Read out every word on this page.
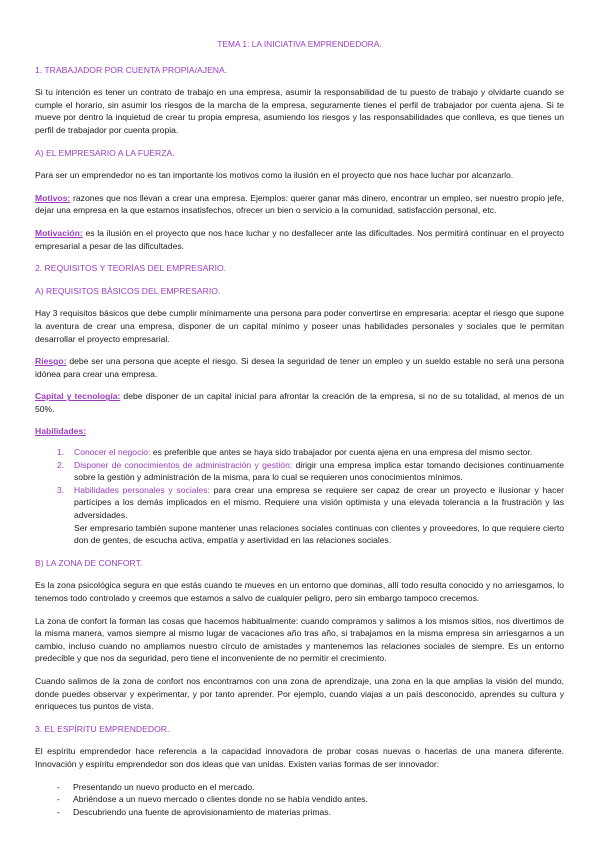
TEMA 1: LA INICIATIVA EMPRENDEDORA.
1. TRABAJADOR POR CUENTA PROPIA/AJENA.
Si tu intención es tener un contrato de trabajo en una empresa, asumir la responsabilidad de tu puesto de trabajo y olvidarte cuando se cumple el horario, sin asumir los riesgos de la marcha de la empresa, seguramente tienes el perfil de trabajador por cuenta ajena. Si te mueve por dentro la inquietud de crear tu propia empresa, asumiendo los riesgos y las responsabilidades que conlleva, es que tienes un perfil de trabajador por cuenta propia.
A) EL EMPRESARIO A LA FUERZA.
Para ser un emprendedor no es tan importante los motivos como la ilusión en el proyecto que nos hace luchar por alcanzarlo.
Motivos: razones que nos llevan a crear una empresa. Ejemplos: querer ganar más dinero, encontrar un empleo, ser nuestro propio jefe, dejar una empresa en la que estamos insatisfechos, ofrecer un bien o servicio a la comunidad, satisfacción personal, etc.
Motivación: es la ilusión en el proyecto que nos hace luchar y no desfallecer ante las dificultades. Nos permitirá continuar en el proyecto empresarial a pesar de las dificultades.
2. REQUISITOS Y TEORÍAS DEL EMPRESARIO.
A) REQUISITOS BÁSICOS DEL EMPRESARIO.
Hay 3 requisitos básicos que debe cumplir mínimamente una persona para poder convertirse en empresaria: aceptar el riesgo que supone la aventura de crear una empresa, disponer de un capital mínimo y poseer unas habilidades personales y sociales que le permitan desarrollar el proyecto empresarial.
Riesgo: debe ser una persona que acepte el riesgo. Si desea la seguridad de tener un empleo y un sueldo estable no será una persona idónea para crear una empresa.
Capital y tecnología: debe disponer de un capital inicial para afrontar la creación de la empresa, si no de su totalidad, al menos de un 50%.
Habilidades:
1.	Conocer el negocio: es preferible que antes se haya sido trabajador por cuenta ajena en una empresa del mismo sector.
2.	Disponer de conocimientos de administración y gestión: dirigir una empresa implica estar tomando decisiones continuamente sobre la gestión y administración de la misma, para lo cual se requieren unos conocimientos mínimos.
3.	Habilidades personales y sociales: para crear una empresa se requiere ser capaz de crear un proyecto e ilusionar y hacer partícipes a los demás implicados en el mismo. Requiere una visión optimista y una elevada tolerancia a la frustración y las adversidades.
Ser empresario también supone mantener unas relaciones sociales continuas con clientes y proveedores, lo que requiere cierto don de gentes, de escucha activa, empatía y asertividad en las relaciones sociales.
B) LA ZONA DE CONFORT.
Es la zona psicológica segura en que estás cuando te mueves en un entorno que dominas, allí todo resulta conocido y no arriesgamos, lo tenemos todo controlado y creemos que estamos a salvo de cualquier peligro, pero sin embargo tampoco crecemos.
La zona de confort la forman las cosas que hacemos habitualmente: cuando compramos y salimos a los mismos sitios, nos divertimos de la misma manera, vamos siempre al mismo lugar de vacaciones año tras año, si trabajamos en la misma empresa sin arriesgarnos a un cambio, incluso cuando no ampliamos nuestro círculo de amistades y mantenemos las relaciones sociales de siempre. Es un entorno predecible y que nos da seguridad, pero tiene el inconveniente de no permitir el crecimiento.
Cuando salimos de la zona de confort nos encontramos con una zona de aprendizaje, una zona en la que amplias la visión del mundo, donde puedes observar y experimentar, y por tanto aprender. Por ejemplo, cuando viajas a un país desconocido, aprendes su cultura y enriqueces tus puntos de vista.
3. EL ESPÍRITU EMPRENDEDOR.
El espíritu emprendedor hace referencia a la capacidad innovadora de probar cosas nuevas o hacerlas de una manera diferente. Innovación y espíritu emprendedor son dos ideas que van unidas. Existen varias formas de ser innovador:
-	Presentando un nuevo producto en el mercado.
-	Abriéndose a un nuevo mercado o clientes donde no se había vendido antes.
-	Descubriendo una fuente de aprovisionamiento de materias primas.
